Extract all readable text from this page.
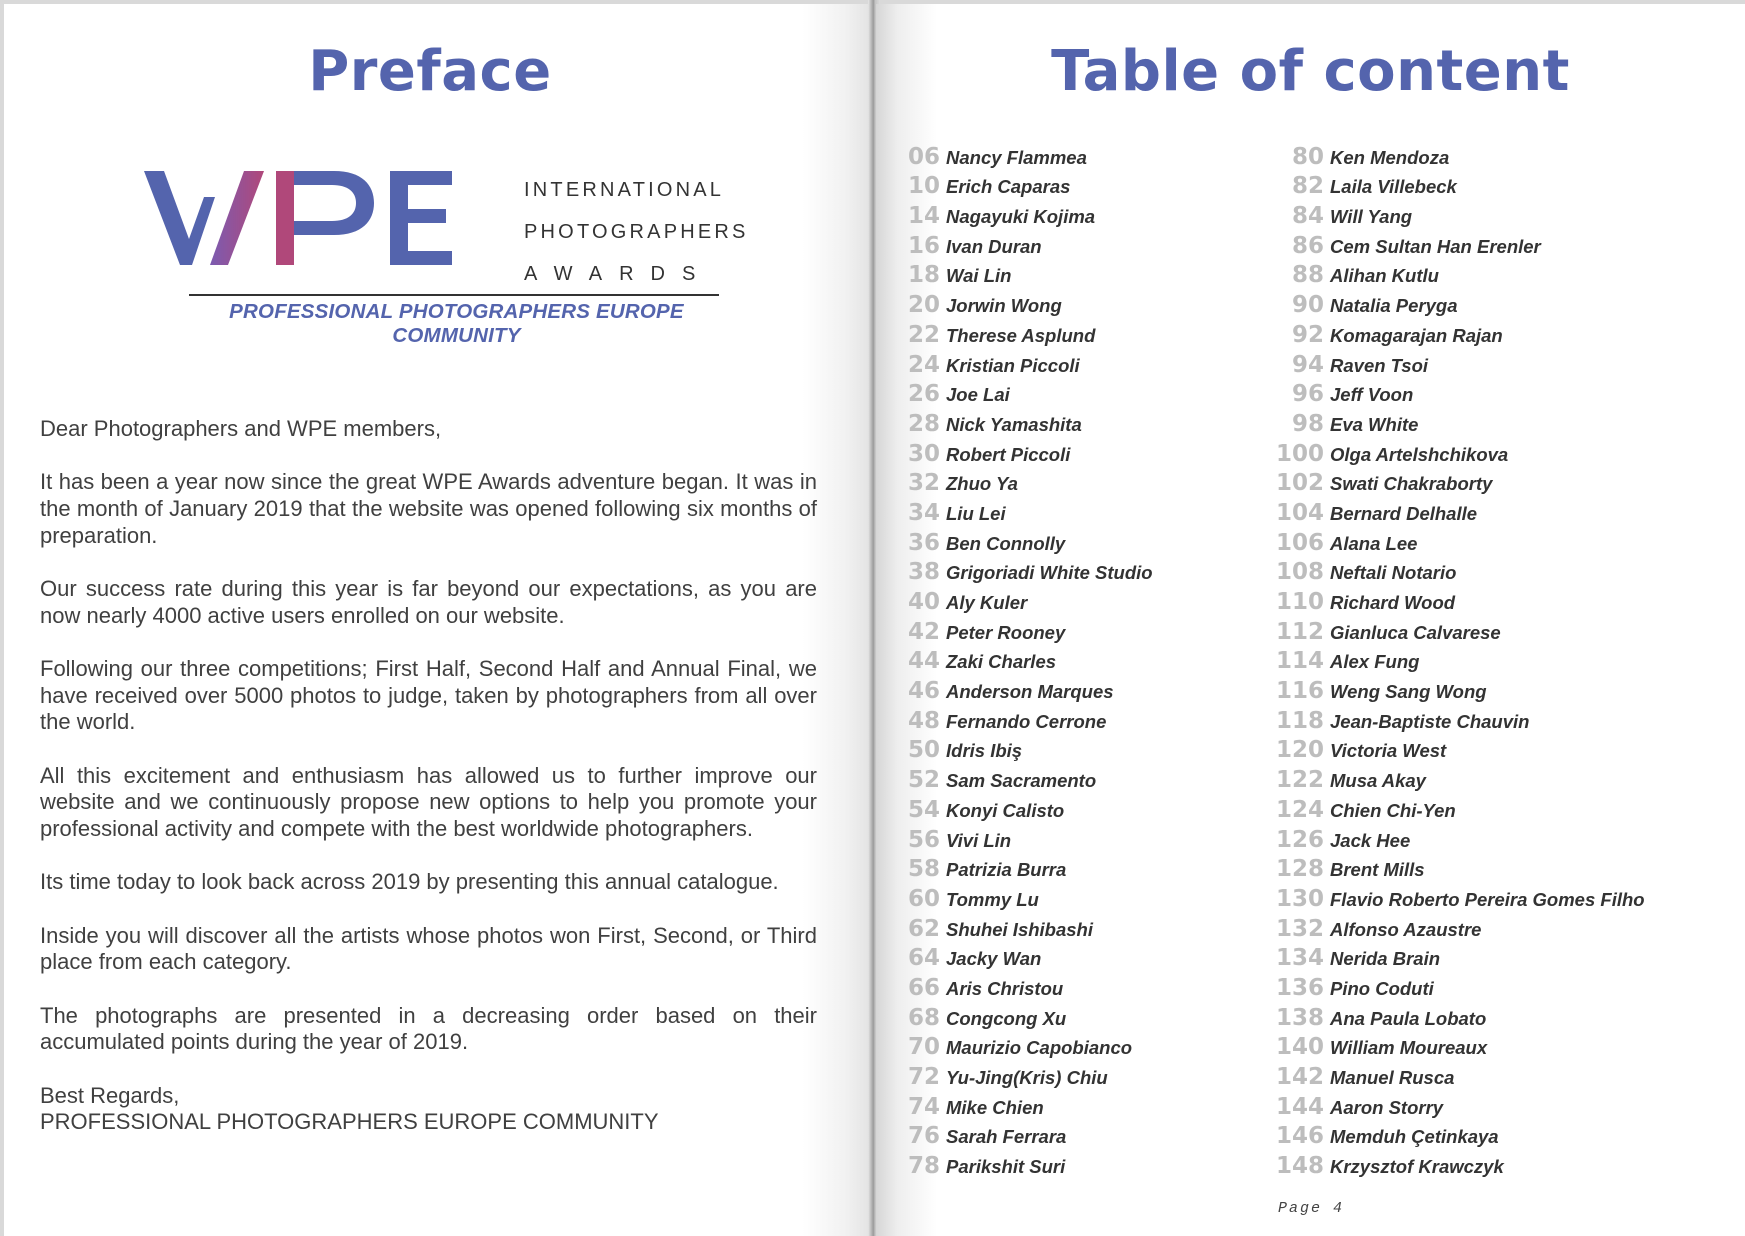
Preface
INTERNATIONAL
PHOTOGRAPHERS
AWARDS
PROFESSIONAL PHOTOGRAPHERS EUROPE COMMUNITY

Dear Photographers and WPE members,

It has been a year now since the great WPE Awards adventure began. It was in the month of January 2019 that the website was opened following six months of preparation.

Our success rate during this year is far beyond our expectations, as you are now nearly 4000 active users enrolled on our website.

Following our three competitions; First Half, Second Half and Annual Final, we have received over 5000 photos to judge, taken by photographers from all over the world.

All this excitement and enthusiasm has allowed us to further improve our website and we continuously propose new options to help you promote your professional activity and compete with the best worldwide photographers.

Its time today to look back across 2019 by presenting this annual catalogue.

Inside you will discover all the artists whose photos won First, Second, or Third place from each category.

The photographs are presented in a decreasing order based on their accumulated points during the year of 2019.

Best Regards,
PROFESSIONAL PHOTOGRAPHERS EUROPE COMMUNITY

Table of content
06 Nancy Flammea
10 Erich Caparas
14 Nagayuki Kojima
16 Ivan Duran
18 Wai Lin
20 Jorwin Wong
22 Therese Asplund
24 Kristian Piccoli
26 Joe Lai
28 Nick Yamashita
30 Robert Piccoli
32 Zhuo Ya
34 Liu Lei
36 Ben Connolly
38 Grigoriadi White Studio
40 Aly Kuler
42 Peter Rooney
44 Zaki Charles
46 Anderson Marques
48 Fernando Cerrone
50 Idris Ibiş
52 Sam Sacramento
54 Konyi Calisto
56 Vivi Lin
58 Patrizia Burra
60 Tommy Lu
62 Shuhei Ishibashi
64 Jacky Wan
66 Aris Christou
68 Congcong Xu
70 Maurizio Capobianco
72 Yu-Jing(Kris) Chiu
74 Mike Chien
76 Sarah Ferrara
78 Parikshit Suri
80 Ken Mendoza
82 Laila Villebeck
84 Will Yang
86 Cem Sultan Han Erenler
88 Alihan Kutlu
90 Natalia Peryga
92 Komagarajan Rajan
94 Raven Tsoi
96 Jeff Voon
98 Eva White
100 Olga Artelshchikova
102 Swati Chakraborty
104 Bernard Delhalle
106 Alana Lee
108 Neftali Notario
110 Richard Wood
112 Gianluca Calvarese
114 Alex Fung
116 Weng Sang Wong
118 Jean-Baptiste Chauvin
120 Victoria West
122 Musa Akay
124 Chien Chi-Yen
126 Jack Hee
128 Brent Mills
130 Flavio Roberto Pereira Gomes Filho
132 Alfonso Azaustre
134 Nerida Brain
136 Pino Coduti
138 Ana Paula Lobato
140 William Moureaux
142 Manuel Rusca
144 Aaron Storry
146 Memduh Çetinkaya
148 Krzysztof Krawczyk
Page 4
